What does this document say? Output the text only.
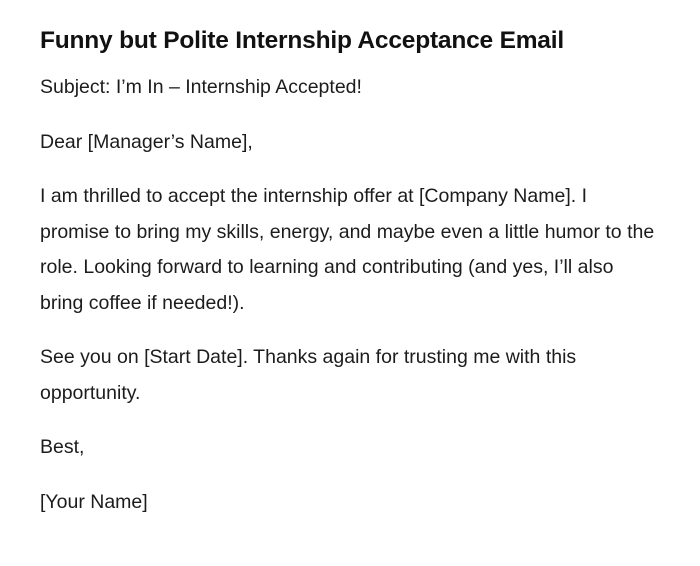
Funny but Polite Internship Acceptance Email

Subject: I’m In – Internship Accepted!

Dear [Manager’s Name],

I am thrilled to accept the internship offer at [Company Name]. I promise to bring my skills, energy, and maybe even a little humor to the role. Looking forward to learning and contributing (and yes, I’ll also bring coffee if needed!).

See you on [Start Date]. Thanks again for trusting me with this opportunity.

Best,

[Your Name]
